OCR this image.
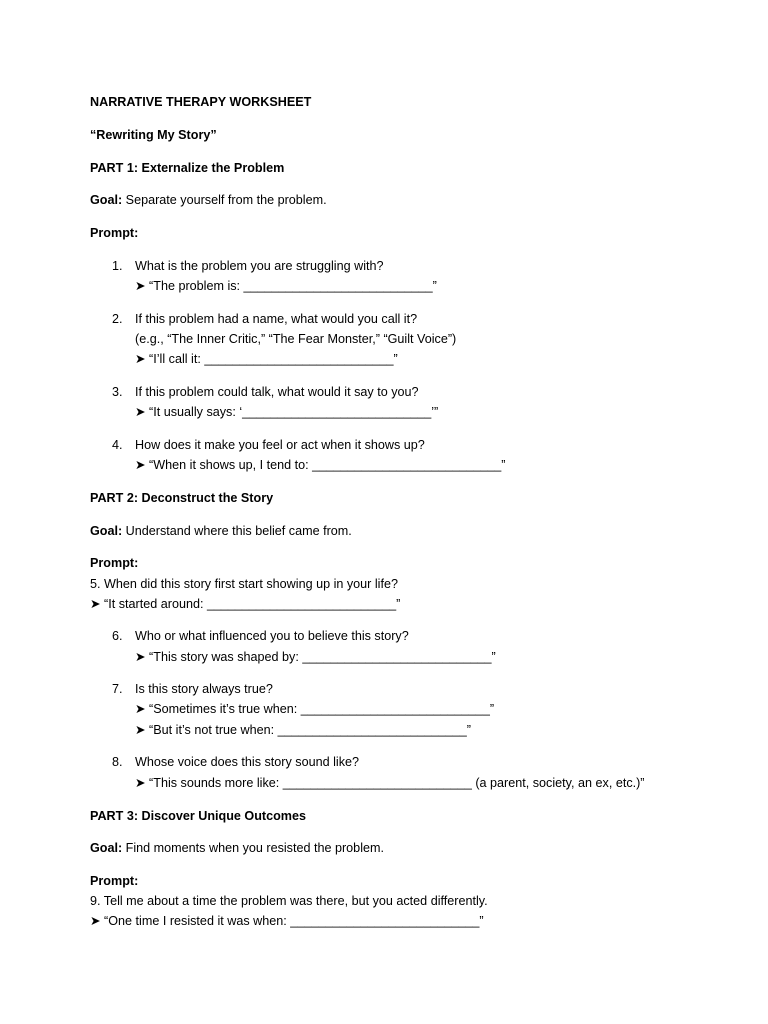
NARRATIVE THERAPY WORKSHEET
“Rewriting My Story”
PART 1: Externalize the Problem
Goal: Separate yourself from the problem.
Prompt:
1. What is the problem you are struggling with?
➤ “The problem is: ___________________________”
2. If this problem had a name, what would you call it?
(e.g., “The Inner Critic,” “The Fear Monster,” “Guilt Voice”)
➤ “I’ll call it: ___________________________”
3. If this problem could talk, what would it say to you?
➤ “It usually says: ‘___________________________’”
4. How does it make you feel or act when it shows up?
➤ “When it shows up, I tend to: ___________________________”
PART 2: Deconstruct the Story
Goal: Understand where this belief came from.
Prompt:
5. When did this story first start showing up in your life?
➤ “It started around: ___________________________”
6. Who or what influenced you to believe this story?
➤ “This story was shaped by: ___________________________”
7. Is this story always true?
➤ “Sometimes it’s true when: ___________________________”
➤ “But it’s not true when: ___________________________”
8. Whose voice does this story sound like?
➤ “This sounds more like: ___________________________ (a parent, society, an ex, etc.)”
PART 3: Discover Unique Outcomes
Goal: Find moments when you resisted the problem.
Prompt:
9. Tell me about a time the problem was there, but you acted differently.
➤ “One time I resisted it was when: ___________________________”
